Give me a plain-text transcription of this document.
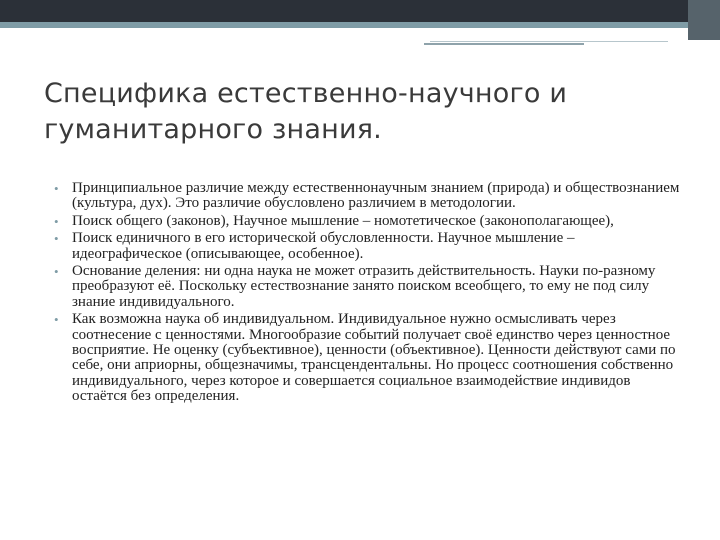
Специфика естественно-научного и
гуманитарного знания.
• Принципиальное различие между естественнонаучным знанием (природа) и обществознанием (культура, дух). Это различие обусловлено различием в методологии.
• Поиск общего (законов), Научное мышление – номотетическое (законополагающее),
• Поиск единичного в его исторической обусловленности. Научное мышление – идеографическое (описывающее, особенное).
• Основание деления: ни одна наука не может отразить действительность. Науки по-разному преобразуют её. Поскольку естествознание занято поиском всеобщего, то ему не под силу знание индивидуального.
• Как возможна наука об индивидуальном. Индивидуальное нужно осмысливать через соотнесение с ценностями. Многообразие событий получает своё единство через ценностное восприятие. Не оценку (субъективное), ценности (объективное). Ценности действуют сами по себе, они априорны, общезначимы, трансцендентальны. Но процесс соотношения собственно индивидуального, через которое и совершается социальное взаимодействие индивидов остаётся без определения.
